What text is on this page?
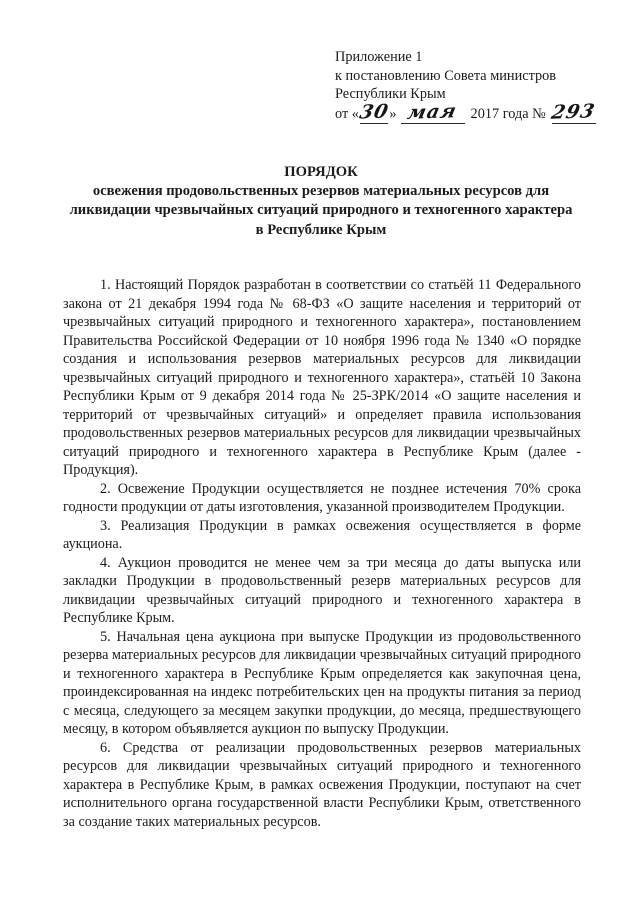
Приложение 1
к постановлению Совета министров
Республики Крым
от «30» мая 2017 года № 293
ПОРЯДОК
освежения продовольственных резервов материальных ресурсов для
ликвидации чрезвычайных ситуаций природного и техногенного характера
в Республике Крым

1. Настоящий Порядок разработан в соответствии со статьёй 11 Федерального закона от 21 декабря 1994 года № 68-ФЗ «О защите населения и территорий от чрезвычайных ситуаций природного и техногенного характера», постановлением Правительства Российской Федерации от 10 ноября 1996 года № 1340 «О порядке создания и использования резервов материальных ресурсов для ликвидации чрезвычайных ситуаций природного и техногенного характера», статьёй 10 Закона Республики Крым от 9 декабря 2014 года № 25-ЗРК/2014 «О защите населения и территорий от чрезвычайных ситуаций» и определяет правила использования продовольственных резервов материальных ресурсов для ликвидации чрезвычайных ситуаций природного и техногенного характера в Республике Крым (далее - Продукция).

2. Освежение Продукции осуществляется не позднее истечения 70% срока годности продукции от даты изготовления, указанной производителем Продукции.

3. Реализация Продукции в рамках освежения осуществляется в форме аукциона.

4. Аукцион проводится не менее чем за три месяца до даты выпуска или закладки Продукции в продовольственный резерв материальных ресурсов для ликвидации чрезвычайных ситуаций природного и техногенного характера в Республике Крым.

5. Начальная цена аукциона при выпуске Продукции из продовольственного резерва материальных ресурсов для ликвидации чрезвычайных ситуаций природного и техногенного характера в Республике Крым определяется как закупочная цена, проиндексированная на индекс потребительских цен на продукты питания за период с месяца, следующего за месяцем закупки продукции, до месяца, предшествующего месяцу, в котором объявляется аукцион по выпуску Продукции.

6. Средства от реализации продовольственных резервов материальных ресурсов для ликвидации чрезвычайных ситуаций природного и техногенного характера в Республике Крым, в рамках освежения Продукции, поступают на счет исполнительного органа государственной власти Республики Крым, ответственного за создание таких материальных ресурсов.
